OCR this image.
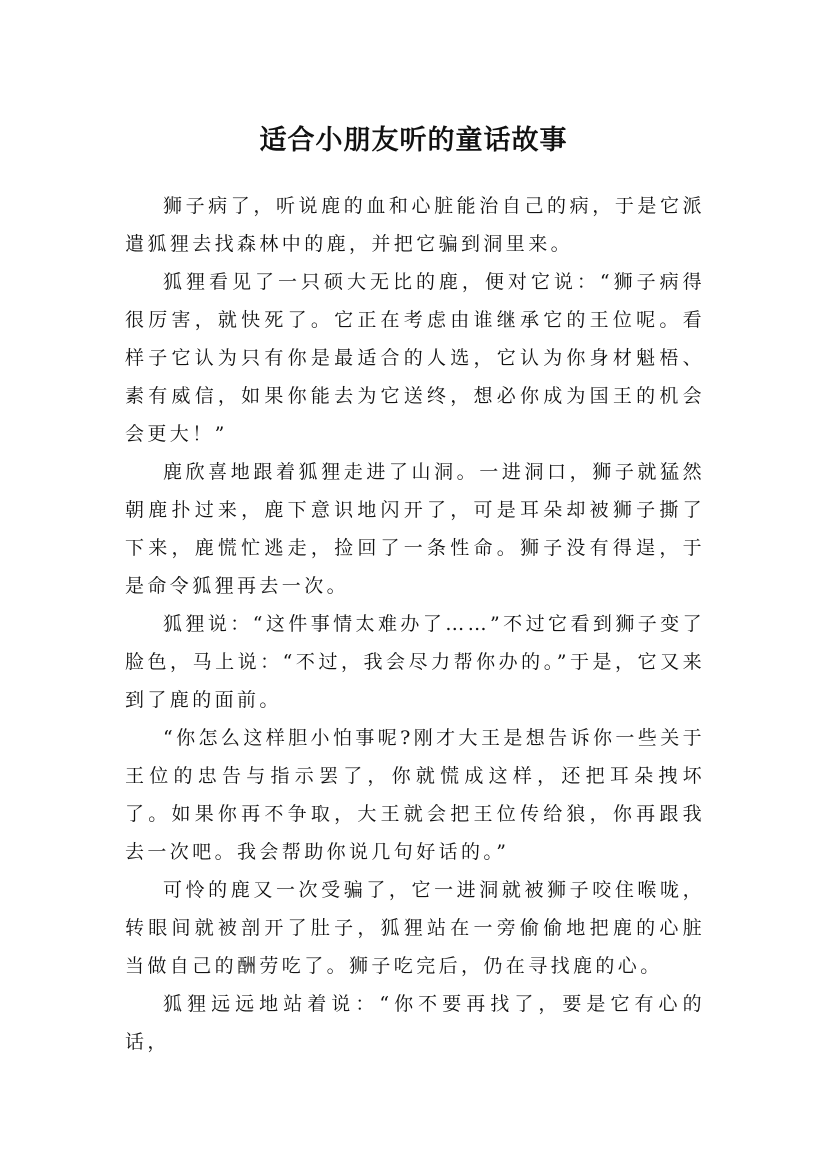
适合小朋友听的童话故事

狮子病了，听说鹿的血和心脏能治自己的病，于是它派遣狐狸去找森林中的鹿，并把它骗到洞里来。

狐狸看见了一只硕大无比的鹿，便对它说：“狮子病得很厉害，就快死了。它正在考虑由谁继承它的王位呢。看样子它认为只有你是最适合的人选，它认为你身材魁梧、素有威信，如果你能去为它送终，想必你成为国王的机会会更大！”

鹿欣喜地跟着狐狸走进了山洞。一进洞口，狮子就猛然朝鹿扑过来，鹿下意识地闪开了，可是耳朵却被狮子撕了下来，鹿慌忙逃走，捡回了一条性命。狮子没有得逞，于是命令狐狸再去一次。

狐狸说：“这件事情太难办了……”不过它看到狮子变了脸色，马上说：“不过，我会尽力帮你办的。”于是，它又来到了鹿的面前。

“你怎么这样胆小怕事呢?刚才大王是想告诉你一些关于王位的忠告与指示罢了，你就慌成这样，还把耳朵拽坏了。如果你再不争取，大王就会把王位传给狼，你再跟我去一次吧。我会帮助你说几句好话的。”

可怜的鹿又一次受骗了，它一进洞就被狮子咬住喉咙，转眼间就被剖开了肚子，狐狸站在一旁偷偷地把鹿的心脏当做自己的酬劳吃了。狮子吃完后，仍在寻找鹿的心。

狐狸远远地站着说：“你不要再找了，要是它有心的话，
